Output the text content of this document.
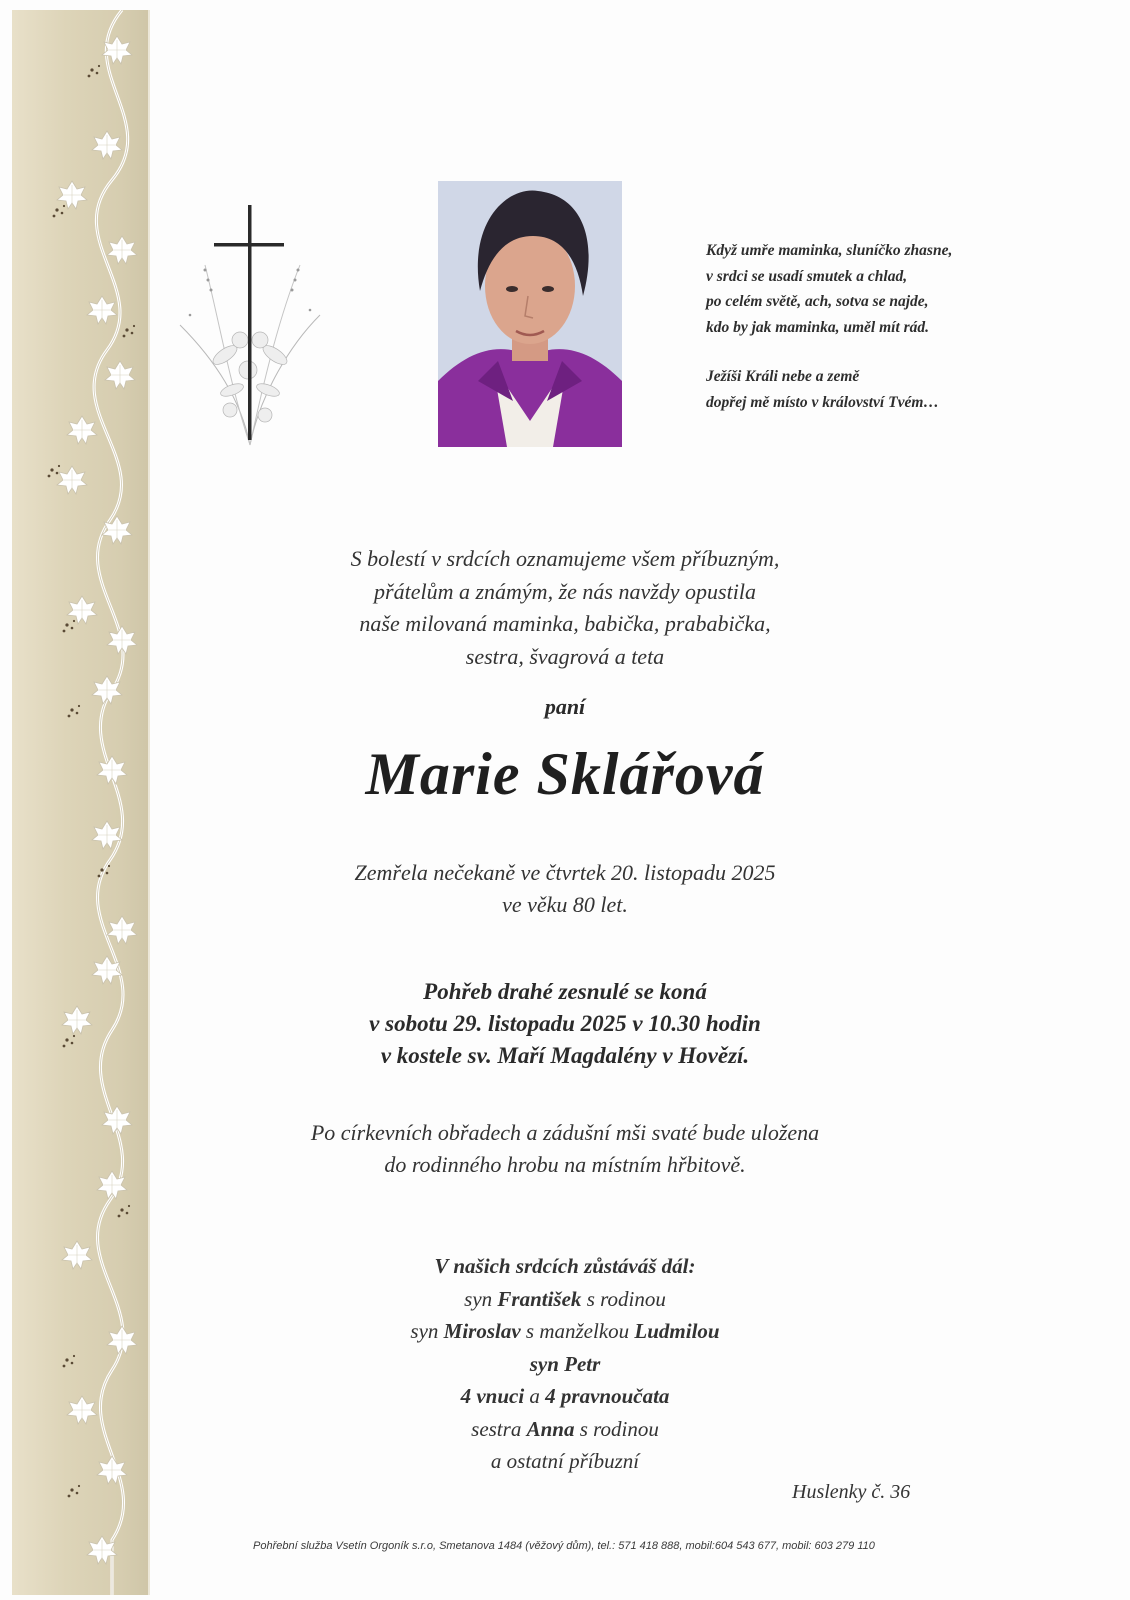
Když umře maminka, sluníčko zhasne,
v srdci se usadí smutek a chlad,
po celém světě, ach, sotva se najde,
kdo by jak maminka, uměl mít rád.
Ježíši Králi nebe a země
dopřej mě místo v království Tvém…
S bolestí v srdcích oznamujeme všem příbuzným,
přátelům a známým, že nás navždy opustila
naše milovaná maminka, babička, prababička,
sestra, švagrová a teta
paní
Marie Sklářová
Zemřela nečekaně ve čtvrtek 20. listopadu 2025
ve věku 80 let.
Pohřeb drahé zesnulé se koná
v sobotu 29. listopadu 2025 v 10.30 hodin
v kostele sv. Maří Magdalény v Hovězí.
Po církevních obřadech a zádušní mši svaté bude uložena
do rodinného hrobu na místním hřbitově.
V našich srdcích zůstáváš dál:
syn František s rodinou
syn Miroslav s manželkou Ludmilou
syn Petr
4 vnuci a 4 pravnoučata
sestra Anna s rodinou
a ostatní příbuzní
Huslenky č. 36
Pohřební služba Vsetín Orgoník s.r.o, Smetanova 1484 (věžový dům), tel.: 571 418 888, mobil:604 543 677, mobil: 603 279 110
